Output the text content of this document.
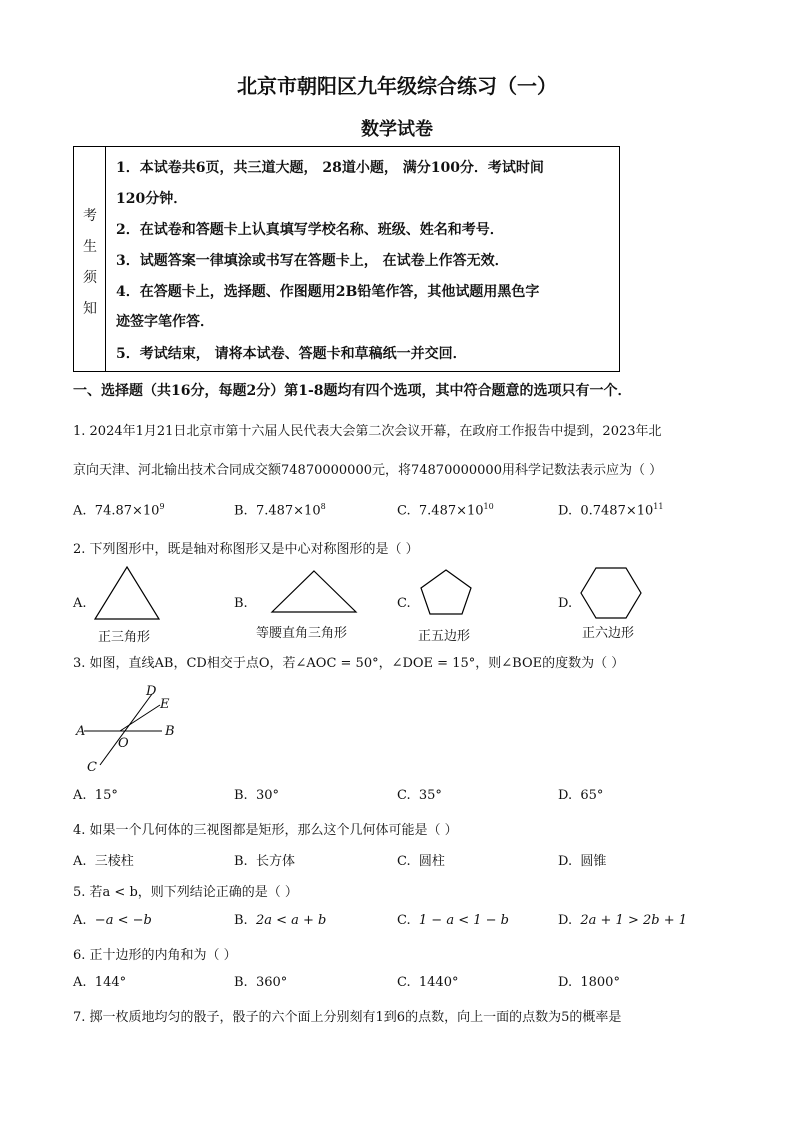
北京市朝阳区九年级综合练习（一）
数学试卷
考
生
须
知
1．本试卷共6页，共三道大题， 28道小题， 满分100分．考试时间
120分钟．
2．在试卷和答题卡上认真填写学校名称、班级、姓名和考号．
3．试题答案一律填涂或书写在答题卡上， 在试卷上作答无效．
4．在答题卡上，选择题、作图题用2B铅笔作答，其他试题用黑色字
迹签字笔作答．
5．考试结束， 请将本试卷、答题卡和草稿纸一并交回．
一、选择题（共16分，每题2分）第1-8题均有四个选项，其中符合题意的选项只有一个．
1. 2024年1月21日北京市第十六届人民代表大会第二次会议开幕，在政府工作报告中提到，2023年北
京向天津、河北输出技术合同成交额74870000000元，将74870000000用科学记数法表示应为（ ）
A. $74.87\times 10^9$	B. $7.487\times 10^8$	C. $7.487\times 10^{10}$	D. $0.7487\times 10^{11}$
2. 下列图形中，既是轴对称图形又是中心对称图形的是（ ）
A.
正三角形
B.
等腰直角三角形
C.
正五边形
D.
正六边形
3. 如图，直线AB，CD相交于点O，若∠AOC = 50°，∠DOE = 15°，则∠BOE的度数为（ ）
A	B
C
D
E
O
A. 15°	B. 30°	C. 35°	D. 65°
4. 如果一个几何体的三视图都是矩形，那么这个几何体可能是（ ）
A. 三棱柱	B. 长方体	C. 圆柱	D. 圆锥
5. 若a < b，则下列结论正确的是（ ）
A. −a < −b	B. 2a < a + b	C. 1 − a < 1 − b	D. 2a + 1 > 2b + 1
6. 正十边形的内角和为（ ）
A. 144°	B. 360°	C. 1440°	D. 1800°
7. 掷一枚质地均匀的骰子，骰子的六个面上分别刻有1到6的点数，向上一面的点数为5的概率是
